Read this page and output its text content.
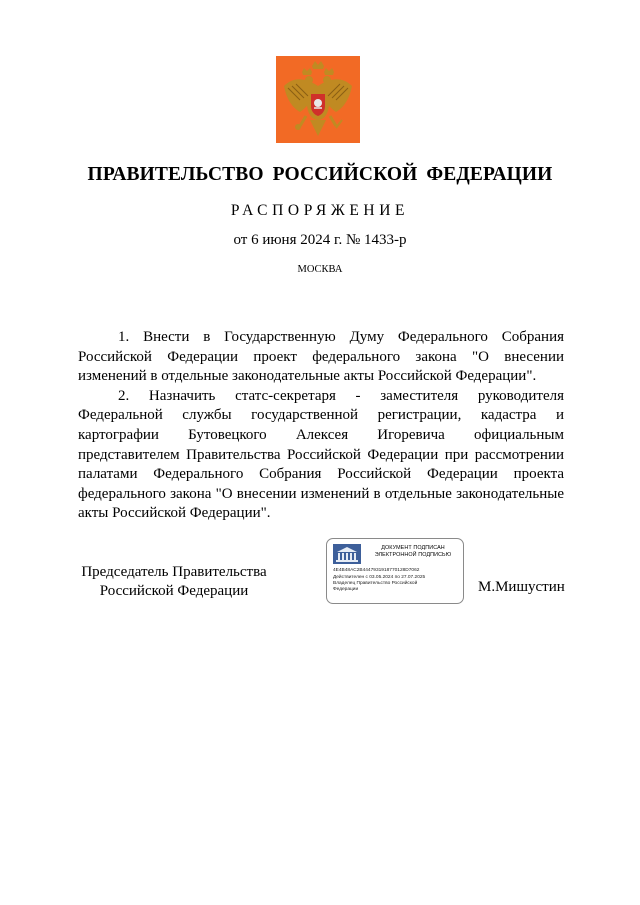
ПРАВИТЕЛЬСТВО РОССИЙСКОЙ ФЕДЕРАЦИИ
РАСПОРЯЖЕНИЕ
от 6 июня 2024 г. № 1433-р
МОСКВА

1. Внести в Государственную Думу Федерального Собрания Российской Федерации проект федерального закона "О внесении изменений в отдельные законодательные акты Российской Федерации".

2. Назначить статс-секретаря - заместителя руководителя Федеральной службы государственной регистрации, кадастра и картографии Бутовецкого Алексея Игоревича официальным представителем Правительства Российской Федерации при рассмотрении палатами Федерального Собрания Российской Федерации проекта федерального закона "О внесении изменений в отдельные законодательные акты Российской Федерации".

Председатель Правительства
Российской Федерации
ДОКУМЕНТ ПОДПИСАН
ЭЛЕКТРОННОЙ ПОДПИСЬЮ
4E4B48AC2B4447931918770128D7062
Действителен с 03.05.2024 по 27.07.2025
Владелец Правительство Российской
Федерации	М.Мишустин
